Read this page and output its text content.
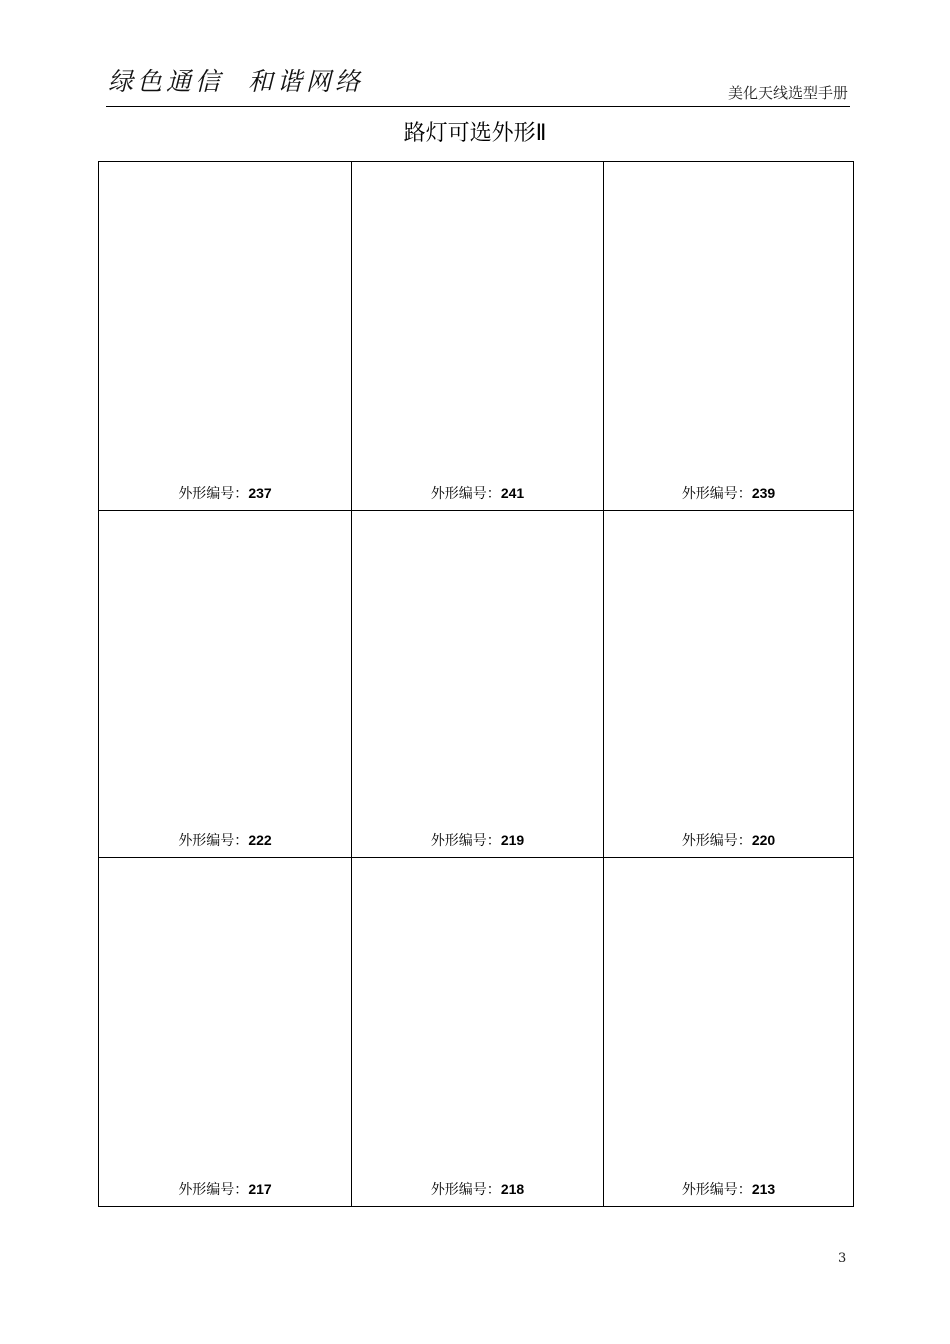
绿色通信  和谐网络	美化天线选型手册
路灯可选外形Ⅱ
外形编号：237	外形编号：241	外形编号：239
外形编号：222	外形编号：219	外形编号：220
外形编号：217	外形编号：218	外形编号：213
3
